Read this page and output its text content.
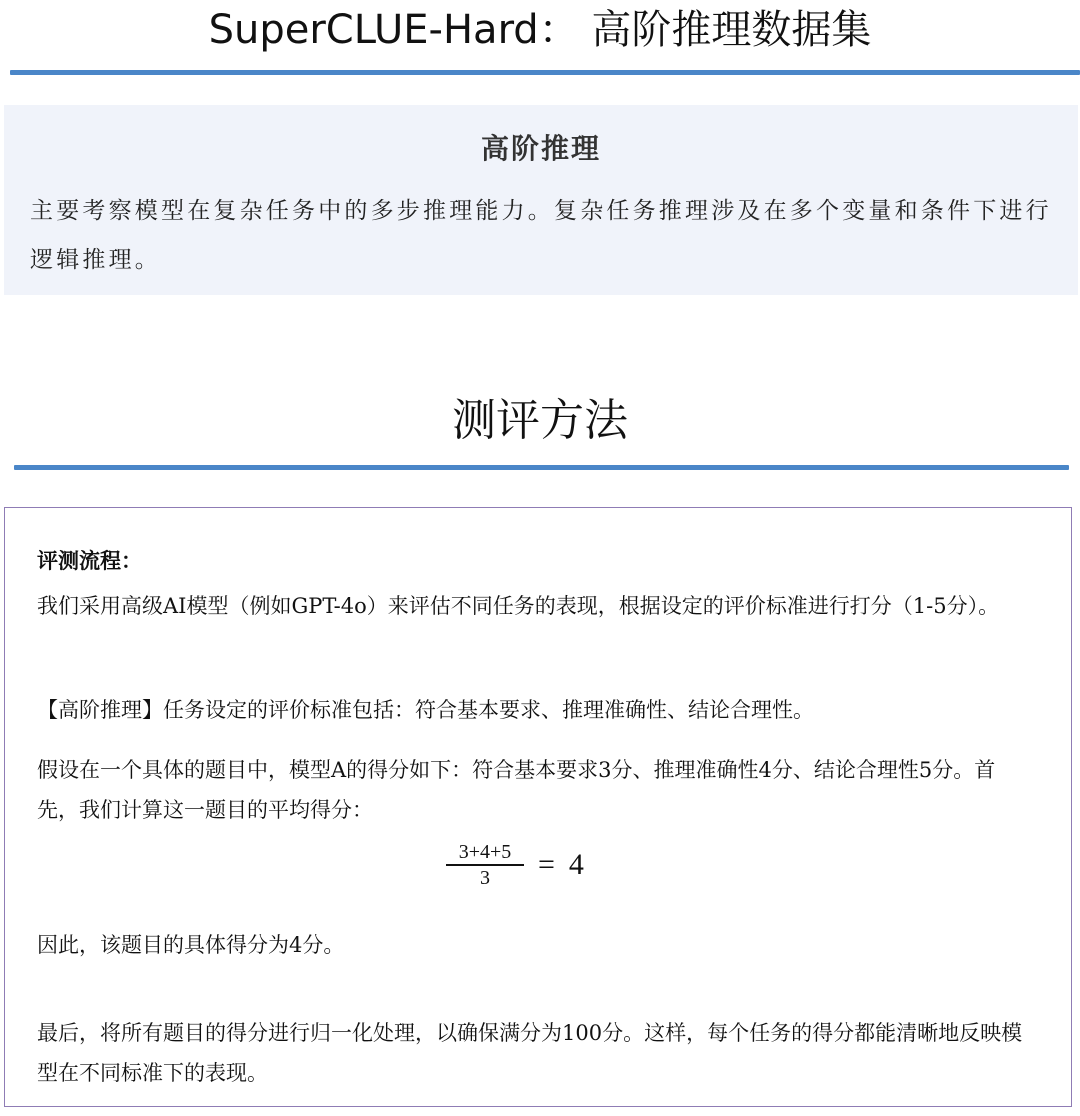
SuperCLUE-Hard： 高阶推理数据集
高阶推理
主要考察模型在复杂任务中的多步推理能力。复杂任务推理涉及在多个变量和条件下进行逻辑推理。
测评方法
评测流程：
我们采用高级AI模型（例如GPT-4o）来评估不同任务的表现，根据设定的评价标准进行打分（1-5分）。
【高阶推理】任务设定的评价标准包括：符合基本要求、推理准确性、结论合理性。
假设在一个具体的题目中，模型A的得分如下：符合基本要求3分、推理准确性4分、结论合理性5分。首先，我们计算这一题目的平均得分：
$\frac{3+4+5}{3} = 4$
因此，该题目的具体得分为4分。
最后，将所有题目的得分进行归一化处理，以确保满分为100分。这样，每个任务的得分都能清晰地反映模型在不同标准下的表现。
